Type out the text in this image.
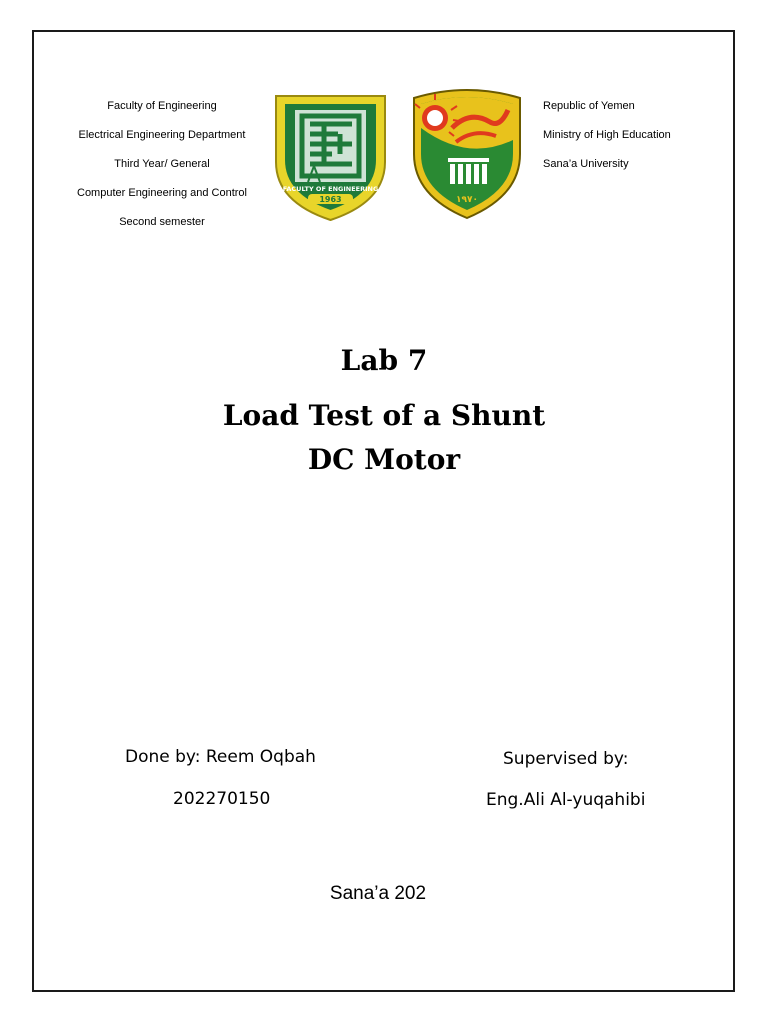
Faculty of Engineering
Electrical Engineering Department
Third Year/ General
Computer Engineering and Control
Second semester
FACULTY OF ENGINEERING
1963	١٩٧٠
Republic of Yemen
Ministry of High Education
Sana’a University
Lab 7
Load Test of a Shunt
DC Motor
Done by: Reem Oqbah
202270150
Supervised by:
Eng.Ali Al-yuqahibi
Sana’a 202
